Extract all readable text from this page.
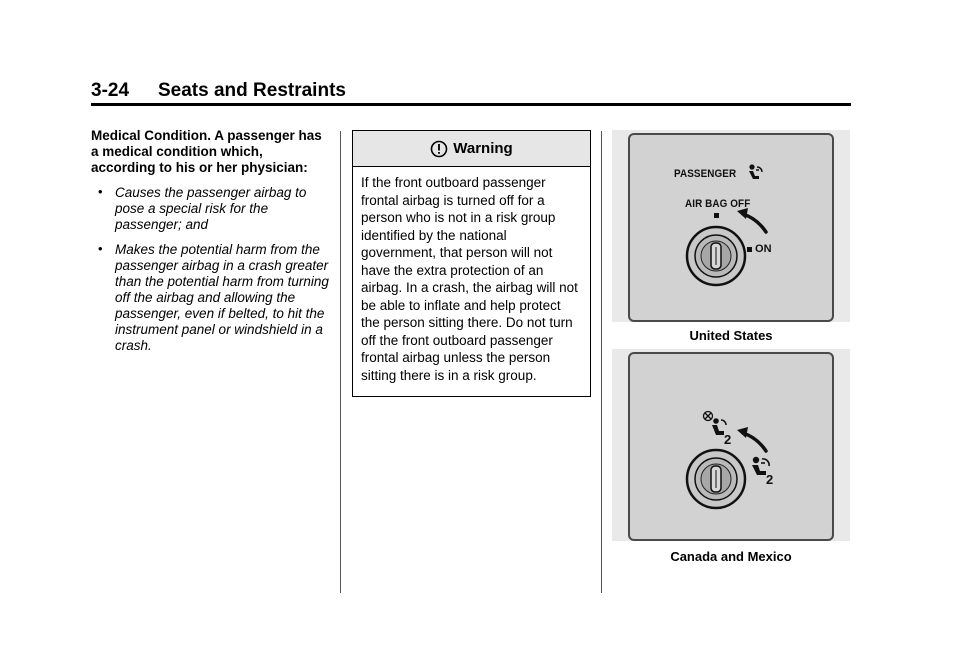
3-24 Seats and Restraints

Medical Condition. A passenger has a medical condition which, according to his or her physician:

• Causes the passenger airbag to pose a special risk for the passenger; and
• Makes the potential harm from the passenger airbag in a crash greater than the potential harm from turning off the airbag and allowing the passenger, even if belted, to hit the instrument panel or windshield in a crash.
Warning
If the front outboard passenger frontal airbag is turned off for a person who is not in a risk group identified by the national government, that person will not have the extra protection of an airbag. In a crash, the airbag will not be able to inflate and help protect the person sitting there. Do not turn off the front outboard passenger frontal airbag unless the person sitting there is in a risk group.
PASSENGER
AIR BAG OFF
ON
United States
2
2
Canada and Mexico
